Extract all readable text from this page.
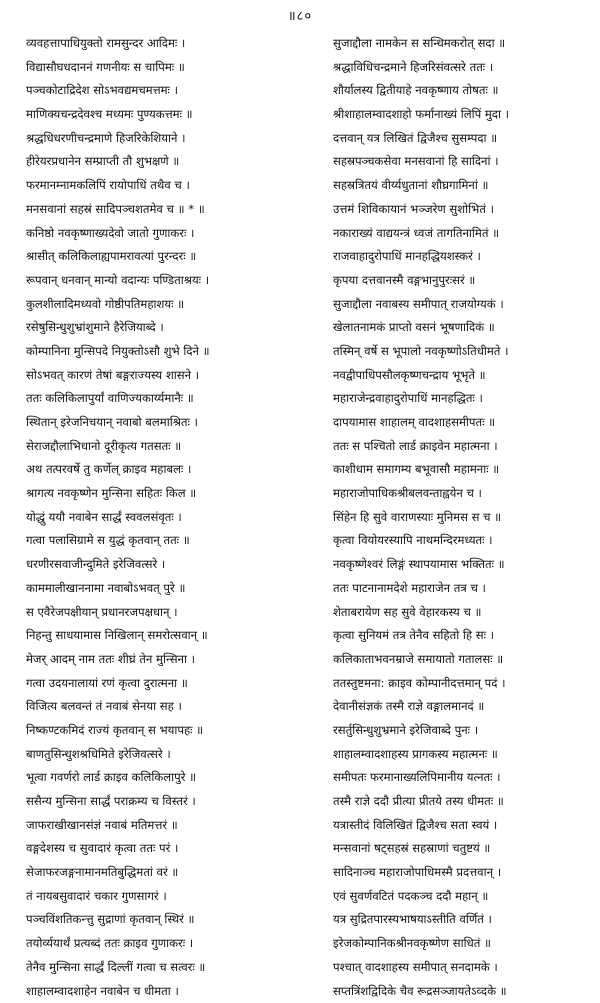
॥८०
व्यवहत्तापाधियुक्तो रामसुन्दर आदिमः ।
विद्यासौघधदाननं गणनीयः स चापिमः ॥
पञ्चकोटाद्रिदेश सोऽभवद्यमचमत्तमः ।
माणिक्यचन्द्रदेवश्च मध्यमः पुण्यकत्तमः ॥
श्रद्धधिधरणीचन्द्रमाणे हिजरिकेशियाने ।
हीरेयरप्रधानेन सम्प्राप्ती तौ शुभक्षणे ॥
फरमानम्नामकलिपिं रायोपाधिं तथैव च ।
मनसवानां सहस्रं सादिपञ्चशतमेव च ॥ * ॥
कनिष्ठो नवकृष्णाख्यदेवो जातो गुणाकरः ।
श्रासीत् कलिकिलाह्यपामरावत्यां पुरन्दरः ॥
रूपवान् धनवान् मान्यो वदान्यः पण्डिताश्रयः ।
कुलशीलादिमध्यवो गोष्ठीपतिमहाशयः ॥
रसेषुसिन्धुशुभ्रांशुमाने हैरेजियाब्दे ।
कोम्पानिना मुन्सिपदे नियुक्तोऽसौ शुभे दिने ॥
सोऽभवत् कारणं तेषां बङ्गराज्यस्य शासने ।
ततः कलिकिलापुर्यां वाणिज्यकार्य्यमानैः ॥
स्थितान् इरेजनिचयान् नवाबो बलमाश्रितः ।
सेराजद्दौलाभिधानो दूरीकृत्य गतसतः ॥
अथ तत्परवर्षे तु कर्णेल् क्राइव महाबलः ।
श्रागत्य नवकृष्णेन मुन्सिना सहितः किल ॥
योद्धुं ययौ नवाबेन सार्द्धं स्ववलसंवृतः ।
गत्वा पलासिग्रामे स युद्धं कृतवान् ततः ॥
धरणीरसवाजीन्दुमिते इरेजिवत्सरे ।
काममालीखाननामा नवाबोऽभवत् पुरे ॥
स एवैरेजपक्षीयान् प्रधानरजपक्षधान् ।
निहन्तु साधयामास निखिलान् समरोत्सवान् ॥
मेजर् आदम् नाम ततः शीघ्रं तेन मुन्सिना ।
गत्वा उदयनालायां रणं कृत्वा दुरात्मना ॥
विजित्य बलवन्तं तं नवाबं सेनया सह ।
निष्कण्टकमिदं राज्यं कृतवान् स भयापहः ॥
बाणतुसिन्धुशश्रधिमिते इरेजिवत्सरे ।
भूत्वा गवर्णरो लार्ड क्राइव कलिकिलापुरे ॥
ससैन्य मुन्सिना सार्द्धं पराक्रम्य च विस्तरं ।
जाफराखीखानसंज्ञं नवाबं मतिमत्तरं ॥
वङ्गदेशस्य च सुवादारं कृत्वा ततः परं ।
सेजाफरजङ्गनामानमतिबुद्धिमतां वरं ॥
तं नायबसुवादारं चकार गुणसागरं ।
पञ्चविंशतिकन्त्तु सुद्राणां कृतवान् स्थिरं ॥
तयोर्व्ययार्थं प्रत्यब्दं ततः क्राइव गुणाकरः ।
तेनैव मुन्सिना सार्द्धं दिल्लीं गत्वा च सत्वरः ॥
शाहालम्वादशाहेन नवाबेन च धीमता ।
सुजाद्दौला नामकेन स सन्धिमकरोत् सदा ॥
श्रद्धाविधिचन्द्रमाने हिजरिसंवत्सरे ततः ।
शौर्यालस्य द्वितीयाहे नवकृष्णाय तोषतः ॥
श्रीशाहालम्वादशाहो फर्मानाख्यं लिपिं मुदा ।
दत्तवान् यत्र लिखितं द्विजैश्च सुसम्पदा ॥
सहस्रपञ्चकसेवा मनसवानां हि सादिनां ।
सहस्रत्रितयं वीर्य्यधुतानां शौघ्रगामिनां ॥
उत्तमं शिविकायानं भञ्जरेण सुशोभितं ।
नकाराख्यं वाद्ययन्त्रं ध्वजं तागतिनामितं ॥
राजवाहादुरोपाधिं मानहद्धियशस्करं ।
कृपया दत्तवानस्मै वङ्गभानुपुरःसरं ॥
सुजाद्दौला नवाबस्य समीपात् राजयोग्यकं ।
खेलातनामकं प्राप्तो वसनं भूषणादिकं ॥
तस्मिन् वर्षे स भूपालो नवकृष्णोऽतिधीमते ।
नवद्वीपाधिपसौलकृष्णचन्द्राय भूभृते ॥
महाराजेन्द्रवाहादुरोपाधिं मानहद्धितः ।
दापयामास शाहालम् वादशाहसमीपतः ॥
ततः स पश्चितो लार्ड क्राइवेन महात्मना ।
काशीधाम समागम्य बभूवासौ महामनाः ॥
महाराजोपाधिकश्रीबलवन्ताह्वयेन च ।
सिंहेन हि सुवे वाराणस्याः मुनिमस स च ॥
कृत्वा वियोयरस्यापि नाथमन्दिरमध्यतः ।
नवकृष्णेश्वरं लिङ्गं स्थापयामास भक्तितः ॥
ततः पाटनानामदेशे महाराजेन तत्र च ।
शेताबरायेण सह सुवे वेहारकस्य च ॥
कृत्वा सुनियमं तत्र तेनैव सहितो हि सः ।
कलिकाताभवनम्राजे समायातो गतालसः ॥
ततस्तुष्टमना: क्राइव कोम्पानीदत्तमान् पदं ।
देवानीसंज्ञकं तस्मै राज्ञे वङ्गालमानदं ॥
रसर्तुसिन्धुशुभ्रमाने इरेजिवाब्दे पुनः ।
शाहालम्वादशाहस्य प्रागकस्य महात्मनः ॥
समीपतः फरमानाख्यलिपिमानीय यत्नतः ।
तस्मै राज्ञे ददौ प्रीत्या प्रीतये तस्य धीमतः ॥
यत्रास्तीदं विलिखितं द्विजैश्च सता स्वयं ।
मन्सवानां षट्सहस्रं सहस्राणां चतुष्टयं ॥
सादिनाञ्च महाराजोपाधिमस्मै प्रदत्तवान् ।
एवं सुवर्णवटितं पदकञ्च ददौ महान् ॥
यत्र सुद्रितपारस्यभाषयाऽस्तीति वर्णितं ।
इरेजकोम्पानिकश्रीनवकृष्णेण साधितं ॥
पश्चात् वादशाहस्य समीपात् सनदामके ।
सप्तत्रिंशद्विदिके चैव रूद्रसञ्जायतेऽव्दके ॥
